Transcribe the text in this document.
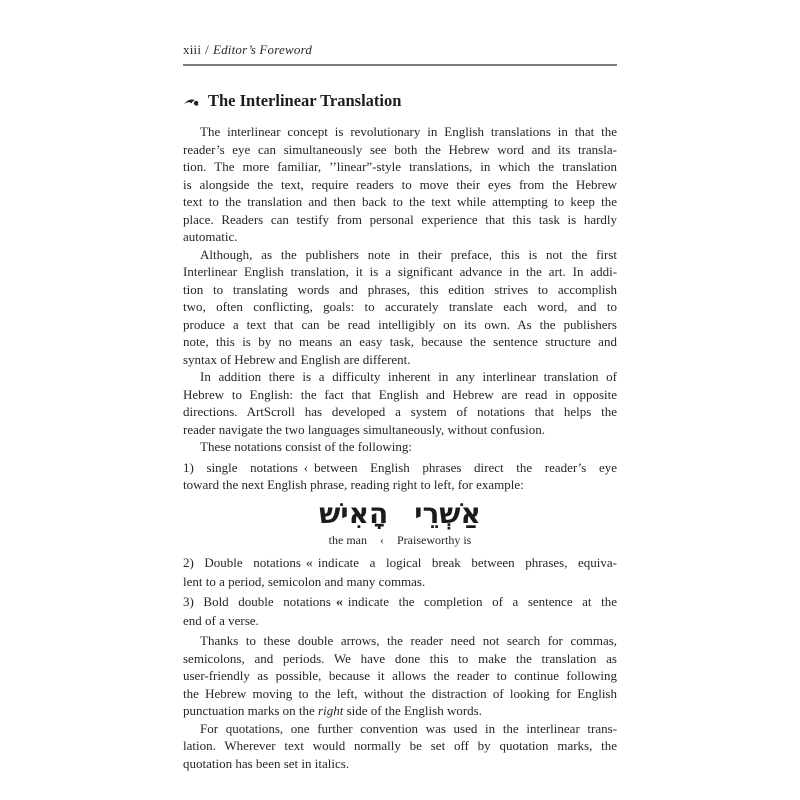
xiii / Editor’s Foreword
The Interlinear Translation
The interlinear concept is revolutionary in English translations in that the
reader’s eye can simultaneously see both the Hebrew word and its transla-
tion. The more familiar, ’’linear”-style translations, in which the translation
is alongside the text, require readers to move their eyes from the Hebrew
text to the translation and then back to the text while attempting to keep the
place. Readers can testify from personal experience that this task is hardly
automatic.
Although, as the publishers note in their preface, this is not the first
Interlinear English translation, it is a significant advance in the art. In addi-
tion to translating words and phrases, this edition strives to accomplish
two, often conflicting, goals: to accurately translate each word, and to
produce a text that can be read intelligibly on its own. As the publishers
note, this is by no means an easy task, because the sentence structure and
syntax of Hebrew and English are different.
In addition there is a difficulty inherent in any interlinear translation of
Hebrew to English: the fact that English and Hebrew are read in opposite
directions. ArtScroll has developed a system of notations that helps the
reader navigate the two languages simultaneously, without confusion.
These notations consist of the following:
1) single notations ‹ between English phrases direct the reader’s eye
toward the next English phrase, reading right to left, for example:
אַשְׁרֵי
הָאִישׁ
the man ‹ Praiseworthy is
2) Double notations « indicate a logical break between phrases, equiva-
lent to a period, semicolon and many commas.
3) Bold double notations « indicate the completion of a sentence at the
end of a verse.
Thanks to these double arrows, the reader need not search for commas,
semicolons, and periods. We have done this to make the translation as
user-friendly as possible, because it allows the reader to continue following
the Hebrew moving to the left, without the distraction of looking for English
punctuation marks on the right side of the English words.
For quotations, one further convention was used in the interlinear trans-
lation. Wherever text would normally be set off by quotation marks, the
quotation has been set in italics.
